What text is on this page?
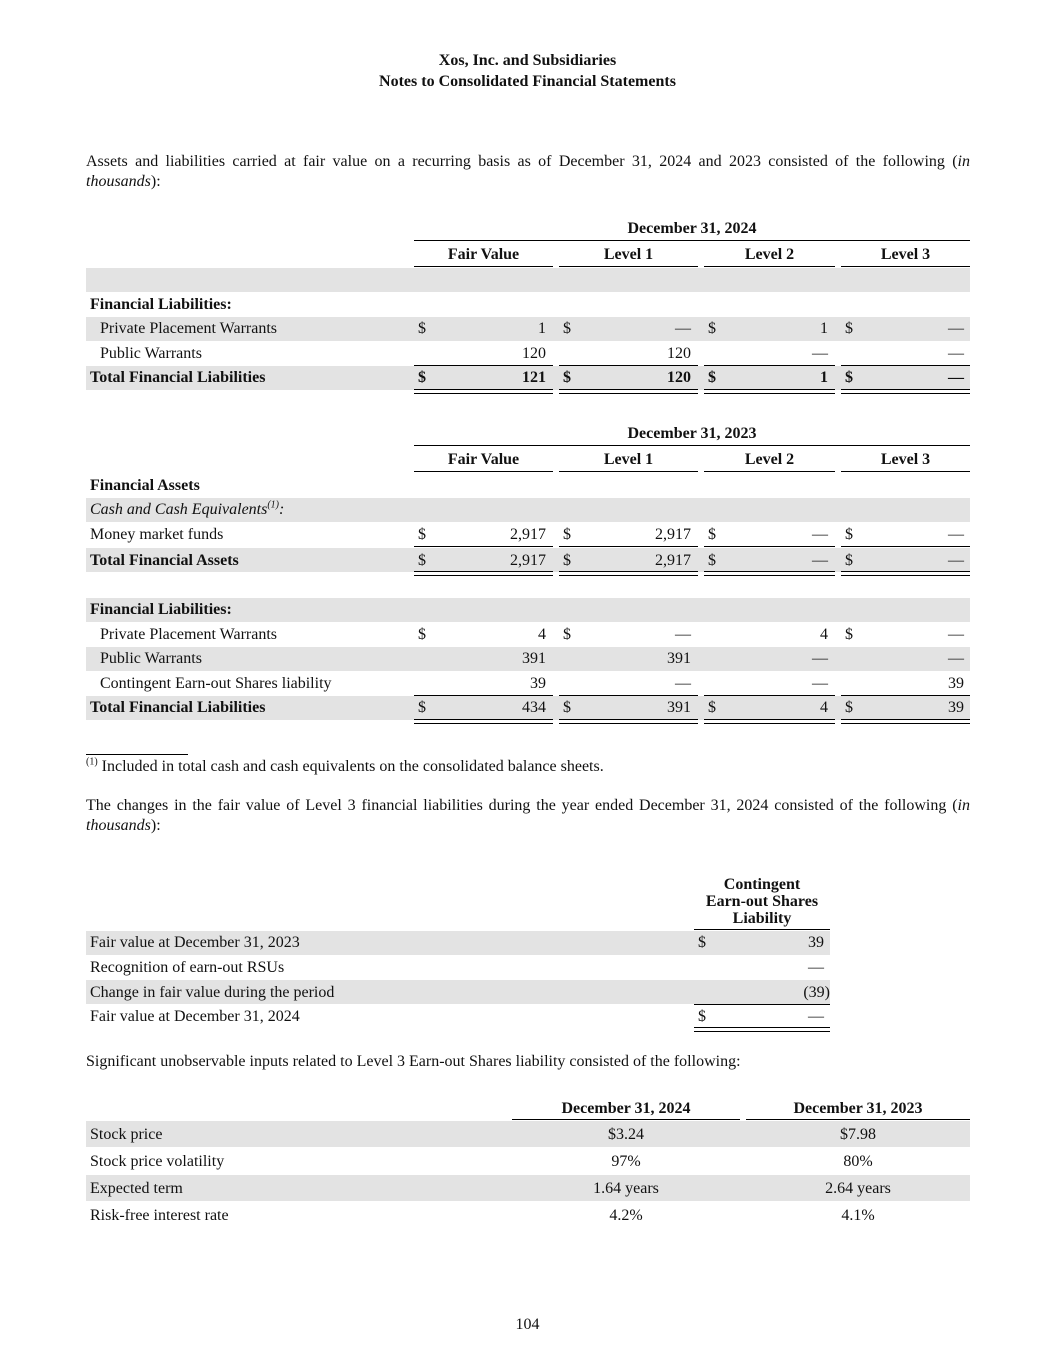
Xos, Inc. and Subsidiaries
Notes to Consolidated Financial Statements
Assets and liabilities carried at fair value on a recurring basis as of December 31, 2024 and 2023 consisted of the following (in thousands):
December 31, 2024
Fair Value	Level 1	Level 2	Level 3
Financial Liabilities:
Private Placement Warrants	$	1 $	— $	1 $	—
Public Warrants	120	120	—	—
Total Financial Liabilities	$	121 $	120 $	1 $	—
December 31, 2023
Fair Value	Level 1	Level 2	Level 3
Financial Assets
Cash and Cash Equivalents$^{(1)}$:
Money market funds	$	2,917 $	2,917 $	— $	—
Total Financial Assets	$	2,917 $	2,917 $	— $	—
Financial Liabilities:
Private Placement Warrants	$	4 $	—	4 $	—
Public Warrants	391	391	—	—
Contingent Earn-out Shares liability	39	—	—	39
Total Financial Liabilities	$	434 $	391 $	4 $	39
$^{(1)}$ Included in total cash and cash equivalents on the consolidated balance sheets.
The changes in the fair value of Level 3 financial liabilities during the year ended December 31, 2024 consisted of the following (in thousands):
Contingent
Earn-out Shares
Liability
Fair value at December 31, 2023	$	39
Recognition of earn-out RSUs	—
Change in fair value during the period	(39)
Fair value at December 31, 2024	$	—
Significant unobservable inputs related to Level 3 Earn-out Shares liability consisted of the following:
December 31, 2024	December 31, 2023
Stock price	$3.24	$7.98
Stock price volatility	97%	80%
Expected term	1.64 years	2.64 years
Risk-free interest rate	4.2%	4.1%
104
